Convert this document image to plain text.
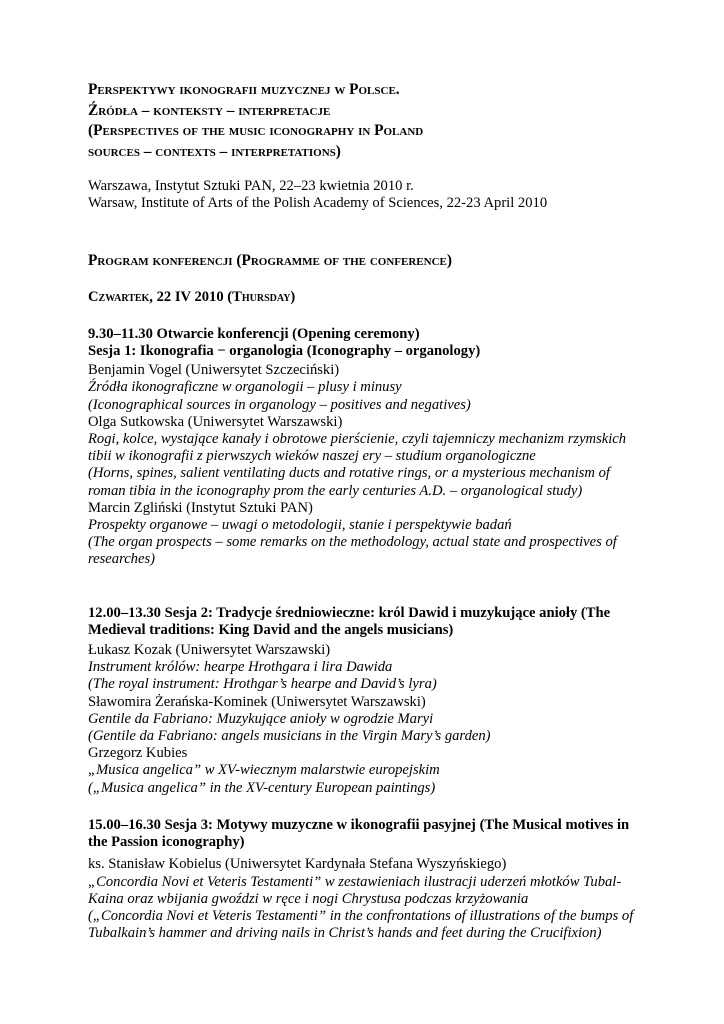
Perspektywy ikonografii muzycznej w Polsce.
Źródła – konteksty – interpretacje
(Perspectives of the music iconography in Poland
sources – contexts – interpretations)
Warszawa, Instytut Sztuki PAN, 22–23 kwietnia 2010 r.
Warsaw, Institute of Arts of the Polish Academy of Sciences, 22-23 April 2010
Program konferencji (Programme of the conference)
Czwartek, 22 IV 2010 (Thursday)
9.30–11.30 Otwarcie konferencji (Opening ceremony)
Sesja 1: Ikonografia − organologia (Iconography – organology)
Benjamin Vogel (Uniwersytet Szczeciński)
Źródła ikonograficzne w organologii – plusy i minusy
(Iconographical sources in organology – positives and negatives)
Olga Sutkowska (Uniwersytet Warszawski)
Rogi, kolce, wystające kanały i obrotowe pierścienie, czyli tajemniczy mechanizm rzymskich tibii w ikonografii z pierwszych wieków naszej ery – studium organologiczne
(Horns, spines, salient ventilating ducts and rotative rings, or a mysterious mechanism of roman tibia in the iconography prom the early centuries A.D. – organological study)
Marcin Zgliński (Instytut Sztuki PAN)
Prospekty organowe – uwagi o metodologii, stanie i perspektywie badań
(The organ prospects – some remarks on the methodology, actual state and prospectives of researches)
12.00–13.30 Sesja 2: Tradycje średniowieczne: król Dawid i muzykujące anioły (The Medieval traditions: King David and the angels musicians)
Łukasz Kozak (Uniwersytet Warszawski)
Instrument królów: hearpe Hrothgara i lira Dawida
(The royal instrument: Hrothgar’s hearpe and David’s lyra)
Sławomira Żerańska-Kominek (Uniwersytet Warszawski)
Gentile da Fabriano: Muzykujące anioły w ogrodzie Maryi
(Gentile da Fabriano: angels musicians in the Virgin Mary’s garden)
Grzegorz Kubies
„Musica angelica” w XV-wiecznym malarstwie europejskim
(„Musica angelica” in the XV-century European paintings)
15.00–16.30 Sesja 3: Motywy muzyczne w ikonografii pasyjnej (The Musical motives in the Passion iconography)
ks. Stanisław Kobielus (Uniwersytet Kardynała Stefana Wyszyńskiego)
„Concordia Novi et Veteris Testamenti” w zestawieniach ilustracji uderzeń młotków Tubal-Kaina oraz wbijania gwoździ w ręce i nogi Chrystusa podczas krzyżowania
(„Concordia Novi et Veteris Testamenti” in the confrontations of illustrations of the bumps of Tubalkain’s hammer and driving nails in Christ’s hands and feet during the Crucifixion)
